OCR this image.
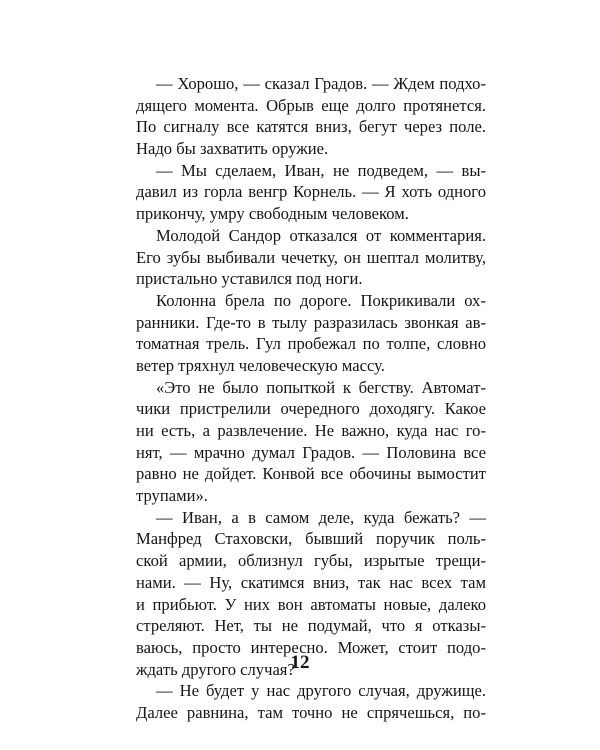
— Хорошо, — сказал Градов. — Ждем подхо-
дящего момента. Обрыв еще долго протянется.
По сигналу все катятся вниз, бегут через поле.
Надо бы захватить оружие.
— Мы сделаем, Иван, не подведем, — вы-
давил из горла венгр Корнель. — Я хоть одного
прикончу, умру свободным человеком.
Молодой Сандор отказался от комментария.
Его зубы выбивали чечетку, он шептал молитву,
пристально уставился под ноги.
Колонна брела по дороге. Покрикивали ох-
ранники. Где-то в тылу разразилась звонкая ав-
томатная трель. Гул пробежал по толпе, словно
ветер тряхнул человеческую массу.
«Это не было попыткой к бегству. Автомат-
чики пристрелили очередного доходягу. Какое
ни есть, а развлечение. Не важно, куда нас го-
нят, — мрачно думал Градов. — Половина все
равно не дойдет. Конвой все обочины вымостит
трупами».
— Иван, а в самом деле, куда бежать? —
Манфред Стаховски, бывший поручик поль-
ской армии, облизнул губы, изрытые трещи-
нами. — Ну, скатимся вниз, так нас всех там
и прибьют. У них вон автоматы новые, далеко
стреляют. Нет, ты не подумай, что я отказы-
ваюсь, просто интересно. Может, стоит подо-
ждать другого случая?
— Не будет у нас другого случая, дружище.
Далее равнина, там точно не спрячешься, по-
12
